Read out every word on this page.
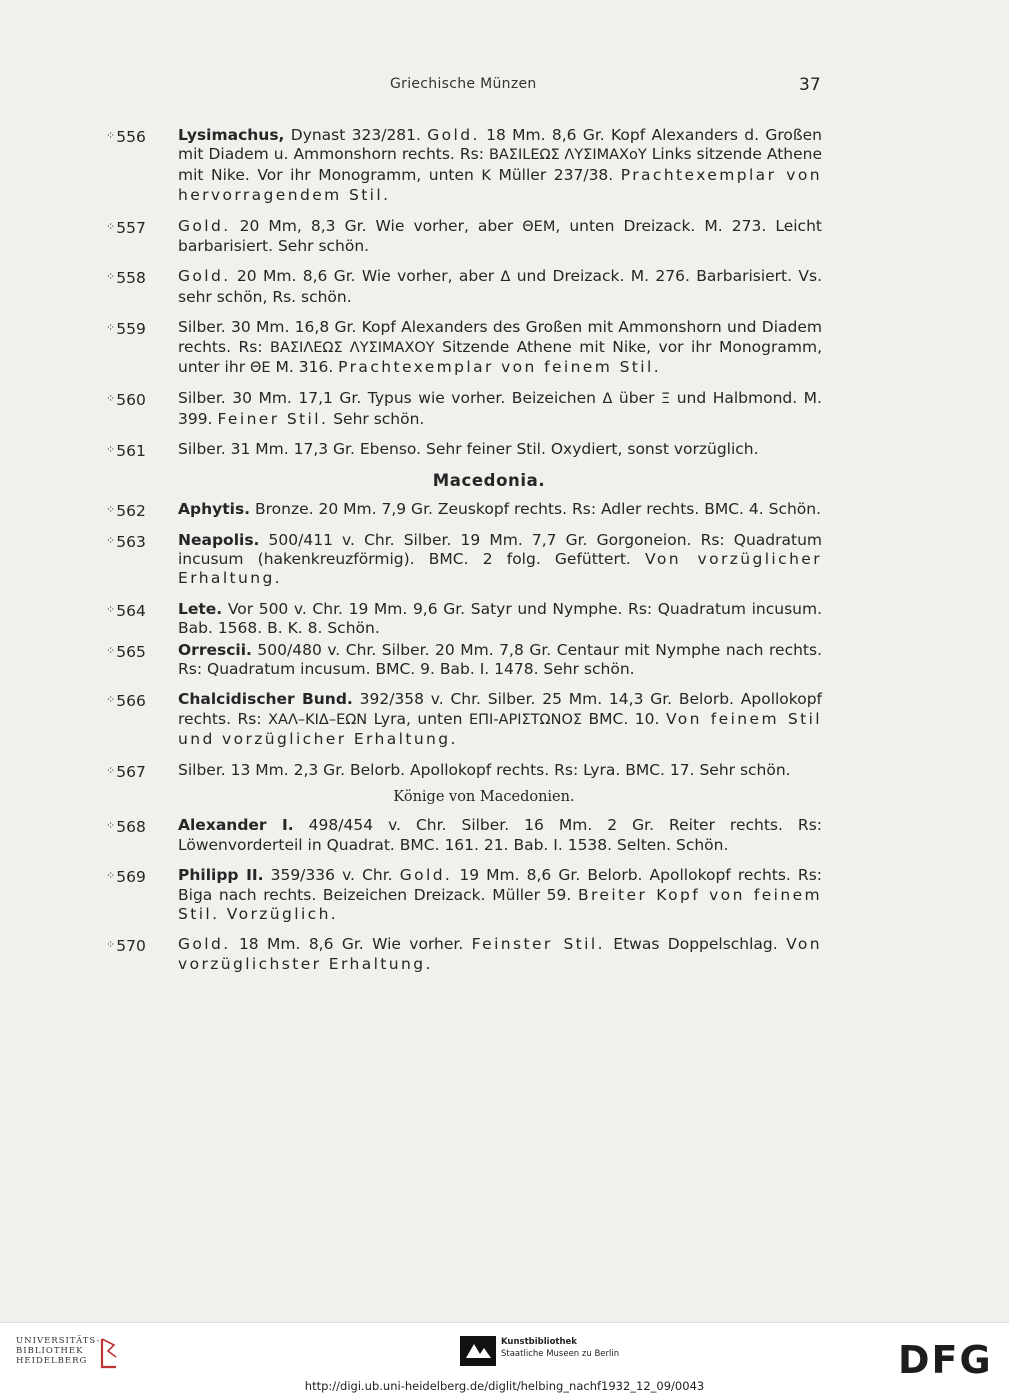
Griechische Münzen	37
⁘556	Lysimachus, Dynast 323/281. Gold. 18 Mm. 8,6 Gr. Kopf Alexanders d. Großen mit Diadem u. Ammonshorn rechts. Rs: ΒΑΣILΕΩΣ ΛΥΣIMΑΧοΥ Links sitzende Athene mit Nike. Vor ihr Monogramm, unten Κ Müller 237/38. Prachtexemplar von hervorragendem Stil.
⁘557	Gold. 20 Mm, 8,3 Gr. Wie vorher, aber ΘΕΜ, unten Dreizack. M. 273. Leicht barbarisiert. Sehr schön.
⁘558	Gold. 20 Mm. 8,6 Gr. Wie vorher, aber Δ und Dreizack. M. 276. Barbarisiert. Vs. sehr schön, Rs. schön.
⁘559	Silber. 30 Mm. 16,8 Gr. Kopf Alexanders des Großen mit Ammonshorn und Diadem rechts. Rs: ΒΑΣΙΛΕΩΣ ΛΥΣΙΜΑΧΟΥ Sitzende Athene mit Nike, vor ihr Monogramm, unter ihr ΘΕ M. 316. Prachtexemplar von feinem Stil.
⁘560	Silber. 30 Mm. 17,1 Gr. Typus wie vorher. Beizeichen Δ über Ξ und Halbmond. M. 399. Feiner Stil. Sehr schön.
⁘561	Silber. 31 Mm. 17,3 Gr. Ebenso. Sehr feiner Stil. Oxydiert, sonst vorzüglich.
Macedonia.
⁘562	Aphytis. Bronze. 20 Mm. 7,9 Gr. Zeuskopf rechts. Rs: Adler rechts. BMC. 4. Schön.
⁘563	Neapolis. 500/411 v. Chr. Silber. 19 Mm. 7,7 Gr. Gorgoneion. Rs: Quadratum incusum (hakenkreuzförmig). BMC. 2 folg. Gefüttert. Von vorzüglicher Erhaltung.
⁘564	Lete. Vor 500 v. Chr. 19 Mm. 9,6 Gr. Satyr und Nymphe. Rs: Quadratum incusum. Bab. 1568. B. K. 8. Schön.
⁘565	Orrescii. 500/480 v. Chr. Silber. 20 Mm. 7,8 Gr. Centaur mit Nymphe nach rechts. Rs: Quadratum incusum. BMC. 9. Bab. I. 1478. Sehr schön.
⁘566	Chalcidischer Bund. 392/358 v. Chr. Silber. 25 Mm. 14,3 Gr. Belorb. Apollokopf rechts. Rs: ΧΑΛ–ΚΙΔ–ΕΩΝ Lyra, unten ΕΠΙ-ΑΡΙΣΤΩΝΟΣ BMC. 10. Von feinem Stil und vorzüglicher Erhaltung.
⁘567	Silber. 13 Mm. 2,3 Gr. Belorb. Apollokopf rechts. Rs: Lyra. BMC. 17. Sehr schön.
Könige von Macedonien.
⁘568	Alexander I. 498/454 v. Chr. Silber. 16 Mm. 2 Gr. Reiter rechts. Rs: Löwenvorderteil in Quadrat. BMC. 161. 21. Bab. I. 1538. Selten. Schön.
⁘569	Philipp II. 359/336 v. Chr. Gold. 19 Mm. 8,6 Gr. Belorb. Apollokopf rechts. Rs: Biga nach rechts. Beizeichen Dreizack. Müller 59. Breiter Kopf von feinem Stil. Vorzüglich.
⁘570	Gold. 18 Mm. 8,6 Gr. Wie vorher. Feinster Stil. Etwas Doppelschlag. Von vorzüglichster Erhaltung.
UNIVERSITÄTS-
BIBLIOTHEK
HEIDELBERG
Kunstbibliothek
Staatliche Museen zu Berlin	DFG
http://digi.ub.uni-heidelberg.de/diglit/helbing_nachf1932_12_09/0043
